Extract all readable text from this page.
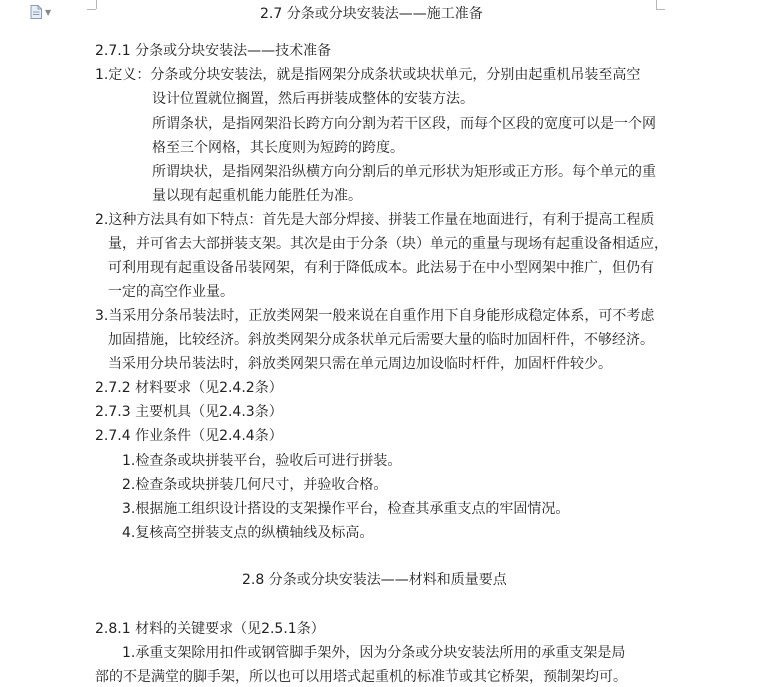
▼	2.7 分条或分块安装法——施工准备
2.7.1 分条或分块安装法——技术准备
1.定义：分条或分块安装法，就是指网架分成条状或块状单元，分别由起重机吊装至高空
设计位置就位搁置，然后再拼装成整体的安装方法。
所谓条状，是指网架沿长跨方向分割为若干区段，而每个区段的宽度可以是一个网
格至三个网格，其长度则为短跨的跨度。
所谓块状，是指网架沿纵横方向分割后的单元形状为矩形或正方形。每个单元的重
量以现有起重机能力能胜任为准。
2.这种方法具有如下特点：首先是大部分焊接、拼装工作量在地面进行，有利于提高工程质
量，并可省去大部拼装支架。其次是由于分条（块）单元的重量与现场有起重设备相适应，
可利用现有起重设备吊装网架，有利于降低成本。此法易于在中小型网架中推广，但仍有
一定的高空作业量。
3.当采用分条吊装法时，正放类网架一般来说在自重作用下自身能形成稳定体系，可不考虑
加固措施，比较经济。斜放类网架分成条状单元后需要大量的临时加固杆件，不够经济。
当采用分块吊装法时，斜放类网架只需在单元周边加设临时杆件，加固杆件较少。
2.7.2 材料要求（见2.4.2条）
2.7.3 主要机具（见2.4.3条）
2.7.4 作业条件（见2.4.4条）
1.检查条或块拼装平台，验收后可进行拼装。
2.检查条或块拼装几何尺寸，并验收合格。
3.根据施工组织设计搭设的支架操作平台，检查其承重支点的牢固情况。
4.复核高空拼装支点的纵横轴线及标高。
2.8 分条或分块安装法——材料和质量要点
2.8.1 材料的关键要求（见2.5.1条）
1.承重支架除用扣件或钢管脚手架外，因为分条或分块安装法所用的承重支架是局
部的不是满堂的脚手架，所以也可以用塔式起重机的标准节或其它桥架，预制架均可。
